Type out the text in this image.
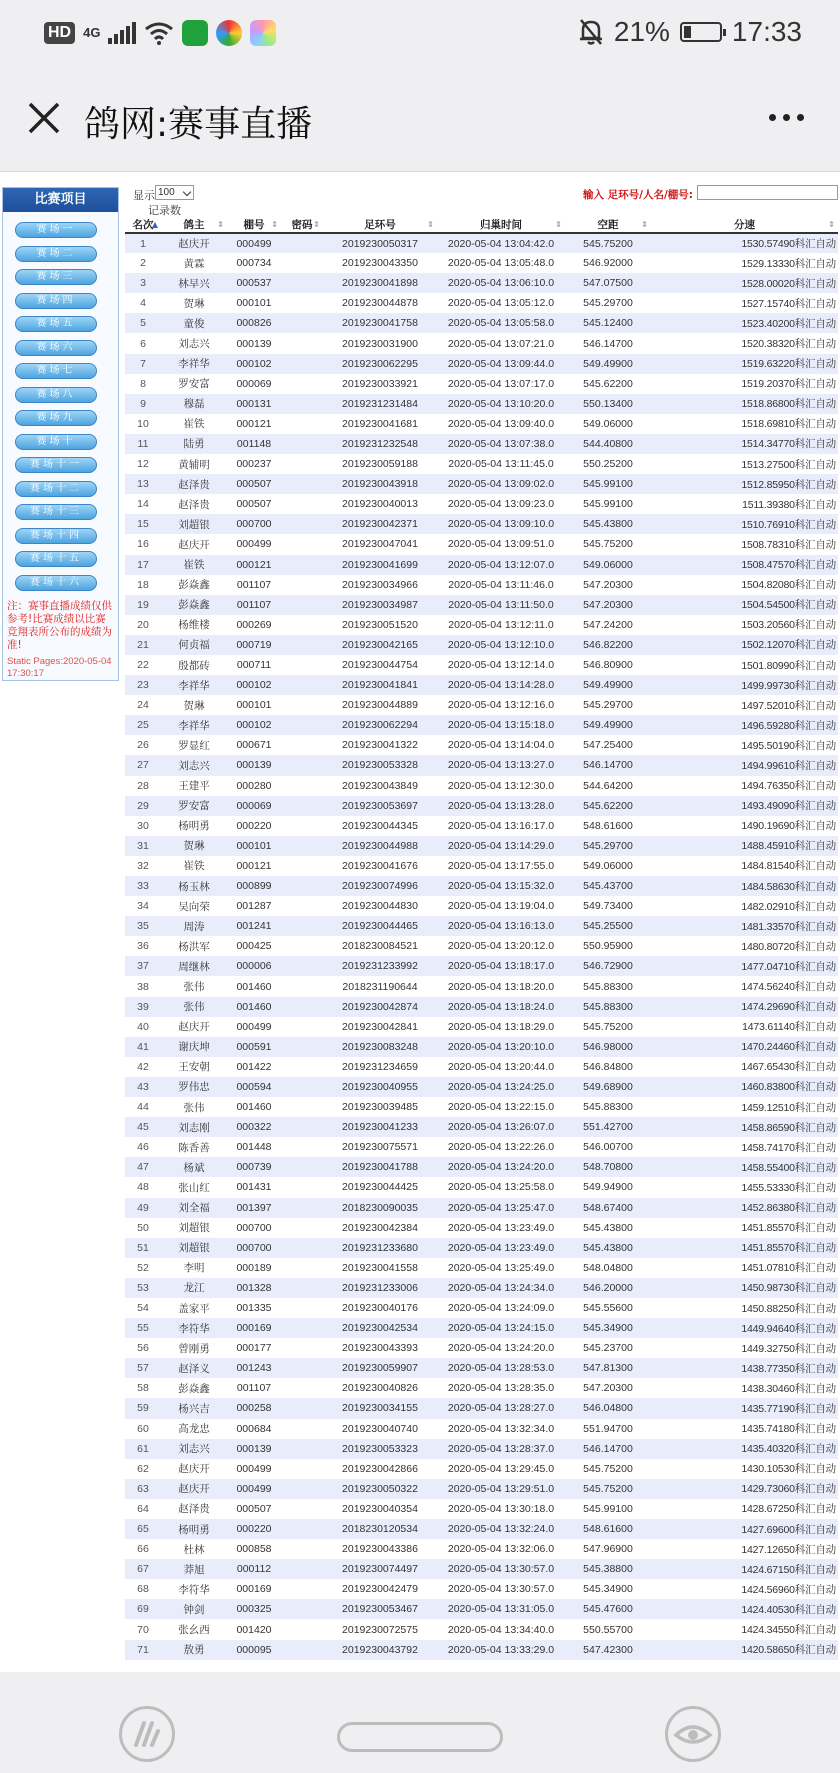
HD 4G	21% 17:33
鸽网:赛事直播
比赛项目
赛场一
赛场二
赛场三
赛场四
赛场五
赛场六
赛场七
赛场八
赛场九
赛场十
赛场十一
赛场十二
赛场十三
赛场十四
赛场十五
赛场十六
注：赛事直播成绩仅供参考!比赛成绩以比赛竞翔表所公布的成绩为准!
Static Pages:2020-05-04 17:30:17
显示 100	输入 足环号/人名/棚号:
记录数
名次
▲	鸽主 ⇕	棚号 ⇕	密码 ⇕	足环号 ⇕	归巢时间 ⇕	空距 ⇕	分速 ⇕

1	赵庆开	000499		2019230050317	2020-05-04 13:04:42.0	545.75200	1530.57490科汇自动
2	黄霖	000734		2019230043350	2020-05-04 13:05:48.0	546.92000	1529.13330科汇自动
3	林早兴	000537		2019230041898	2020-05-04 13:06:10.0	547.07500	1528.00020科汇自动
4	贺琳	000101		2019230044878	2020-05-04 13:05:12.0	545.29700	1527.15740科汇自动
5	童俊	000826		2019230041758	2020-05-04 13:05:58.0	545.12400	1523.40200科汇自动
6	刘志兴	000139		2019230031900	2020-05-04 13:07:21.0	546.14700	1520.38320科汇自动
7	李祥华	000102		2019230062295	2020-05-04 13:09:44.0	549.49900	1519.63220科汇自动
8	罗安富	000069		2019230033921	2020-05-04 13:07:17.0	545.62200	1519.20370科汇自动
9	穆磊	000131		2019231231484	2020-05-04 13:10:20.0	550.13400	1518.86800科汇自动
10	崔铁	000121		2019230041681	2020-05-04 13:09:40.0	549.06000	1518.69810科汇自动
11	陆勇	001148		2019231232548	2020-05-04 13:07:38.0	544.40800	1514.34770科汇自动
12	黄辅明	000237		2019230059188	2020-05-04 13:11:45.0	550.25200	1513.27500科汇自动
13	赵泽贵	000507		2019230043918	2020-05-04 13:09:02.0	545.99100	1512.85950科汇自动
14	赵泽贵	000507		2019230040013	2020-05-04 13:09:23.0	545.99100	1511.39380科汇自动
15	刘超银	000700		2019230042371	2020-05-04 13:09:10.0	545.43800	1510.76910科汇自动
16	赵庆开	000499		2019230047041	2020-05-04 13:09:51.0	545.75200	1508.78310科汇自动
17	崔铁	000121		2019230041699	2020-05-04 13:12:07.0	549.06000	1508.47570科汇自动
18	彭焱鑫	001107		2019230034966	2020-05-04 13:11:46.0	547.20300	1504.82080科汇自动
19	彭焱鑫	001107		2019230034987	2020-05-04 13:11:50.0	547.20300	1504.54500科汇自动
20	杨维楼	000269		2019230051520	2020-05-04 13:12:11.0	547.24200	1503.20560科汇自动
21	何贞福	000719		2019230042165	2020-05-04 13:12:10.0	546.82200	1502.12070科汇自动
22	殷都砖	000711		2019230044754	2020-05-04 13:12:14.0	546.80900	1501.80990科汇自动
23	李祥华	000102		2019230041841	2020-05-04 13:14:28.0	549.49900	1499.99730科汇自动
24	贺琳	000101		2019230044889	2020-05-04 13:12:16.0	545.29700	1497.52010科汇自动
25	李祥华	000102		2019230062294	2020-05-04 13:15:18.0	549.49900	1496.59280科汇自动
26	罗显红	000671		2019230041322	2020-05-04 13:14:04.0	547.25400	1495.50190科汇自动
27	刘志兴	000139		2019230053328	2020-05-04 13:13:27.0	546.14700	1494.99610科汇自动
28	王建平	000280		2019230043849	2020-05-04 13:12:30.0	544.64200	1494.76350科汇自动
29	罗安富	000069		2019230053697	2020-05-04 13:13:28.0	545.62200	1493.49090科汇自动
30	杨明勇	000220		2019230044345	2020-05-04 13:16:17.0	548.61600	1490.19690科汇自动
31	贺琳	000101		2019230044988	2020-05-04 13:14:29.0	545.29700	1488.45910科汇自动
32	崔铁	000121		2019230041676	2020-05-04 13:17:55.0	549.06000	1484.81540科汇自动
33	杨玉林	000899		2019230074996	2020-05-04 13:15:32.0	545.43700	1484.58630科汇自动
34	吴向荣	001287		2019230044830	2020-05-04 13:19:04.0	549.73400	1482.02910科汇自动
35	周涛	001241		2019230044465	2020-05-04 13:16:13.0	545.25500	1481.33570科汇自动
36	杨洪军	000425		2018230084521	2020-05-04 13:20:12.0	550.95900	1480.80720科汇自动
37	周继林	000006		2019231233992	2020-05-04 13:18:17.0	546.72900	1477.04710科汇自动
38	张伟	001460		2018231190644	2020-05-04 13:18:20.0	545.88300	1474.56240科汇自动
39	张伟	001460		2019230042874	2020-05-04 13:18:24.0	545.88300	1474.29690科汇自动
40	赵庆开	000499		2019230042841	2020-05-04 13:18:29.0	545.75200	1473.61140科汇自动
41	谢庆坤	000591		2019230083248	2020-05-04 13:20:10.0	546.98000	1470.24460科汇自动
42	王安朝	001422		2019231234659	2020-05-04 13:20:44.0	546.84800	1467.65430科汇自动
43	罗伟忠	000594		2019230040955	2020-05-04 13:24:25.0	549.68900	1460.83800科汇自动
44	张伟	001460		2019230039485	2020-05-04 13:22:15.0	545.88300	1459.12510科汇自动
45	刘志刚	000322		2019230041233	2020-05-04 13:26:07.0	551.42700	1458.86590科汇自动
46	陈香善	001448		2019230075571	2020-05-04 13:22:26.0	546.00700	1458.74170科汇自动
47	杨斌	000739		2019230041788	2020-05-04 13:24:20.0	548.70800	1458.55400科汇自动
48	张山红	001431		2019230044425	2020-05-04 13:25:58.0	549.94900	1455.53330科汇自动
49	刘全福	001397		2018230090035	2020-05-04 13:25:47.0	548.67400	1452.86380科汇自动
50	刘超银	000700		2019230042384	2020-05-04 13:23:49.0	545.43800	1451.85570科汇自动
51	刘超银	000700		2019231233680	2020-05-04 13:23:49.0	545.43800	1451.85570科汇自动
52	李明	000189		2019230041558	2020-05-04 13:25:49.0	548.04800	1451.07810科汇自动
53	龙江	001328		2019231233006	2020-05-04 13:24:34.0	546.20000	1450.98730科汇自动
54	盖家平	001335		2019230040176	2020-05-04 13:24:09.0	545.55600	1450.88250科汇自动
55	李符华	000169		2019230042534	2020-05-04 13:24:15.0	545.34900	1449.94640科汇自动
56	曾刚勇	000177		2019230043393	2020-05-04 13:24:20.0	545.23700	1449.32750科汇自动
57	赵泽义	001243		2019230059907	2020-05-04 13:28:53.0	547.81300	1438.77350科汇自动
58	彭焱鑫	001107		2019230040826	2020-05-04 13:28:35.0	547.20300	1438.30460科汇自动
59	杨兴吉	000258		2019230034155	2020-05-04 13:28:27.0	546.04800	1435.77190科汇自动
60	高龙忠	000684		2019230040740	2020-05-04 13:32:34.0	551.94700	1435.74180科汇自动
61	刘志兴	000139		2019230053323	2020-05-04 13:28:37.0	546.14700	1435.40320科汇自动
62	赵庆开	000499		2019230042866	2020-05-04 13:29:45.0	545.75200	1430.10530科汇自动
63	赵庆开	000499		2019230050322	2020-05-04 13:29:51.0	545.75200	1429.73060科汇自动
64	赵泽贵	000507		2019230040354	2020-05-04 13:30:18.0	545.99100	1428.67250科汇自动
65	杨明勇	000220		2018230120534	2020-05-04 13:32:24.0	548.61600	1427.69600科汇自动
66	杜林	000858		2019230043386	2020-05-04 13:32:06.0	547.96900	1427.12650科汇自动
67	莽旭	000112		2019230074497	2020-05-04 13:30:57.0	545.38800	1424.67150科汇自动
68	李符华	000169		2019230042479	2020-05-04 13:30:57.0	545.34900	1424.56960科汇自动
69	钟剑	000325		2019230053467	2020-05-04 13:31:05.0	545.47600	1424.40530科汇自动
70	张幺西	001420		2019230072575	2020-05-04 13:34:40.0	550.55700	1424.34550科汇自动
71	敖勇	000095		2019230043792	2020-05-04 13:33:29.0	547.42300	1420.58650科汇自动
